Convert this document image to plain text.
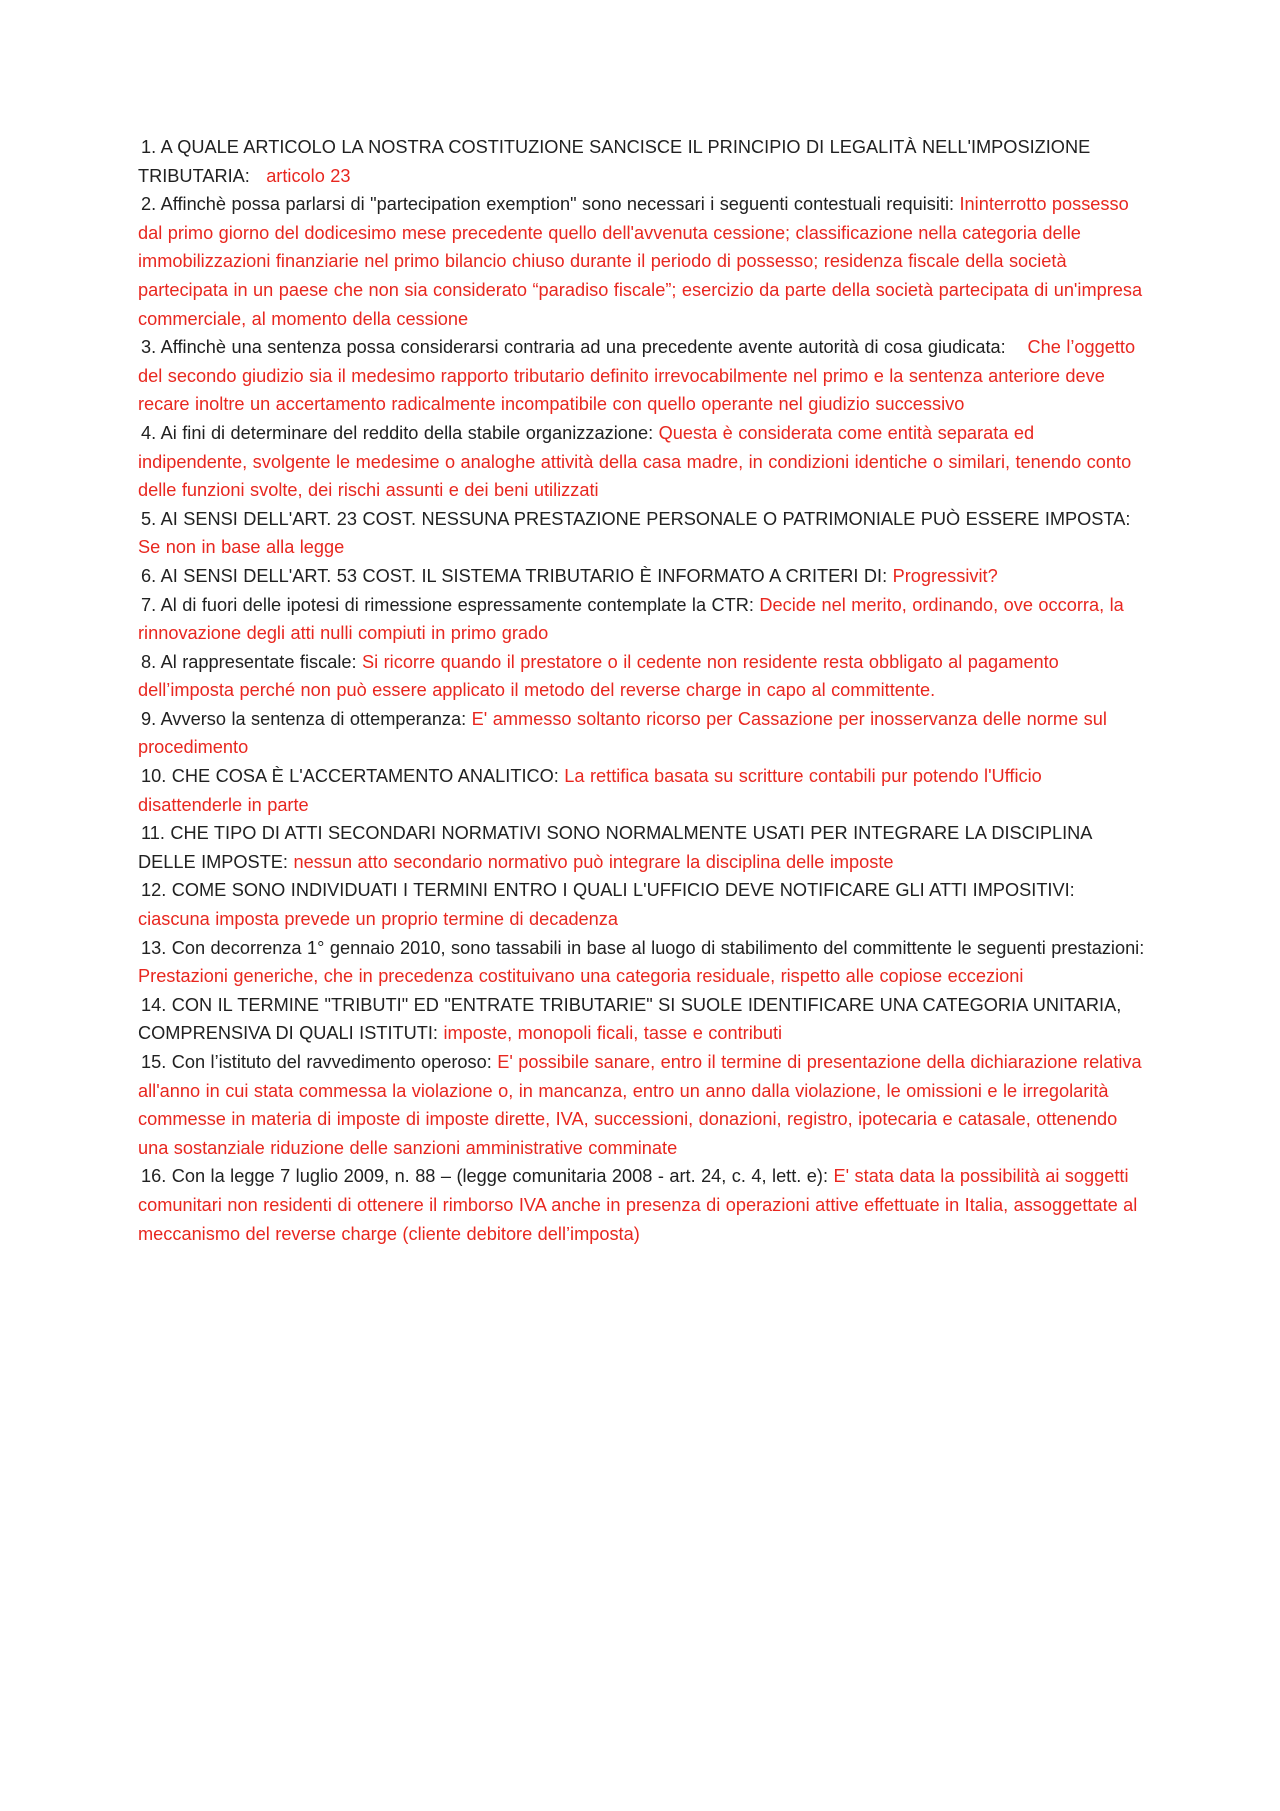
1. A QUALE ARTICOLO LA NOSTRA COSTITUZIONE SANCISCE IL PRINCIPIO DI LEGALITÀ NELL'IMPOSIZIONE TRIBUTARIA:   articolo 23

2. Affinchè possa parlarsi di "partecipation exemption" sono necessari i seguenti contestuali requisiti: Ininterrotto possesso dal primo giorno del dodicesimo mese precedente quello dell'avvenuta cessione; classificazione nella categoria delle immobilizzazioni finanziarie nel primo bilancio chiuso durante il periodo di possesso; residenza fiscale della società partecipata in un paese che non sia considerato “paradiso fiscale”; esercizio da parte della società partecipata di un'impresa commerciale, al momento della cessione

3. Affinchè una sentenza possa considerarsi contraria ad una precedente avente autorità di cosa giudicata:    Che l’oggetto del secondo giudizio sia il medesimo rapporto tributario definito irrevocabilmente nel primo e la sentenza anteriore deve recare inoltre un accertamento radicalmente incompatibile con quello operante nel giudizio successivo

4. Ai fini di determinare del reddito della stabile organizzazione: Questa è considerata come entità separata ed indipendente, svolgente le medesime o analoghe attività della casa madre, in condizioni identiche o similari, tenendo conto delle funzioni svolte, dei rischi assunti e dei beni utilizzati

5. AI SENSI DELL'ART. 23 COST. NESSUNA PRESTAZIONE PERSONALE O PATRIMONIALE PUÒ ESSERE IMPOSTA:   Se non in base alla legge

6. AI SENSI DELL'ART. 53 COST. IL SISTEMA TRIBUTARIO È INFORMATO A CRITERI DI: Progressivit?

7. Al di fuori delle ipotesi di rimessione espressamente contemplate la CTR: Decide nel merito, ordinando, ove occorra, la rinnovazione degli atti nulli compiuti in primo grado

8. Al rappresentate fiscale: Si ricorre quando il prestatore o il cedente non residente resta obbligato al pagamento dell’imposta perché non può essere applicato il metodo del reverse charge in capo al committente.

9. Avverso la sentenza di ottemperanza: E' ammesso soltanto ricorso per Cassazione per inosservanza delle norme sul procedimento

10. CHE COSA È L'ACCERTAMENTO ANALITICO: La rettifica basata su scritture contabili pur potendo l'Ufficio disattenderle in parte

11. CHE TIPO DI ATTI SECONDARI NORMATIVI SONO NORMALMENTE USATI PER INTEGRARE LA DISCIPLINA DELLE IMPOSTE: nessun atto secondario normativo può integrare la disciplina delle imposte

12. COME SONO INDIVIDUATI I TERMINI ENTRO I QUALI L'UFFICIO DEVE NOTIFICARE GLI ATTI IMPOSITIVI:  ciascuna imposta prevede un proprio termine di decadenza

13. Con decorrenza 1° gennaio 2010, sono tassabili in base al luogo di stabilimento del committente le seguenti prestazioni: Prestazioni generiche, che in precedenza costituivano una categoria residuale, rispetto alle copiose eccezioni

14. CON IL TERMINE "TRIBUTI" ED "ENTRATE TRIBUTARIE" SI SUOLE IDENTIFICARE UNA CATEGORIA UNITARIA, COMPRENSIVA DI QUALI ISTITUTI: imposte, monopoli ficali, tasse e contributi

15. Con l’istituto del ravvedimento operoso: E' possibile sanare, entro il termine di presentazione della dichiarazione relativa all'anno in cui stata commessa la violazione o, in mancanza, entro un anno dalla violazione, le omissioni e le irregolarità commesse in materia di imposte di imposte dirette, IVA, successioni, donazioni, registro, ipotecaria e catasale, ottenendo una sostanziale riduzione delle sanzioni amministrative comminate

16. Con la legge 7 luglio 2009, n. 88 – (legge comunitaria 2008 - art. 24, c. 4, lett. e): E' stata data la possibilità ai soggetti comunitari non residenti di ottenere il rimborso IVA anche in presenza di operazioni attive effettuate in Italia, assoggettate al meccanismo del reverse charge (cliente debitore dell’imposta)
